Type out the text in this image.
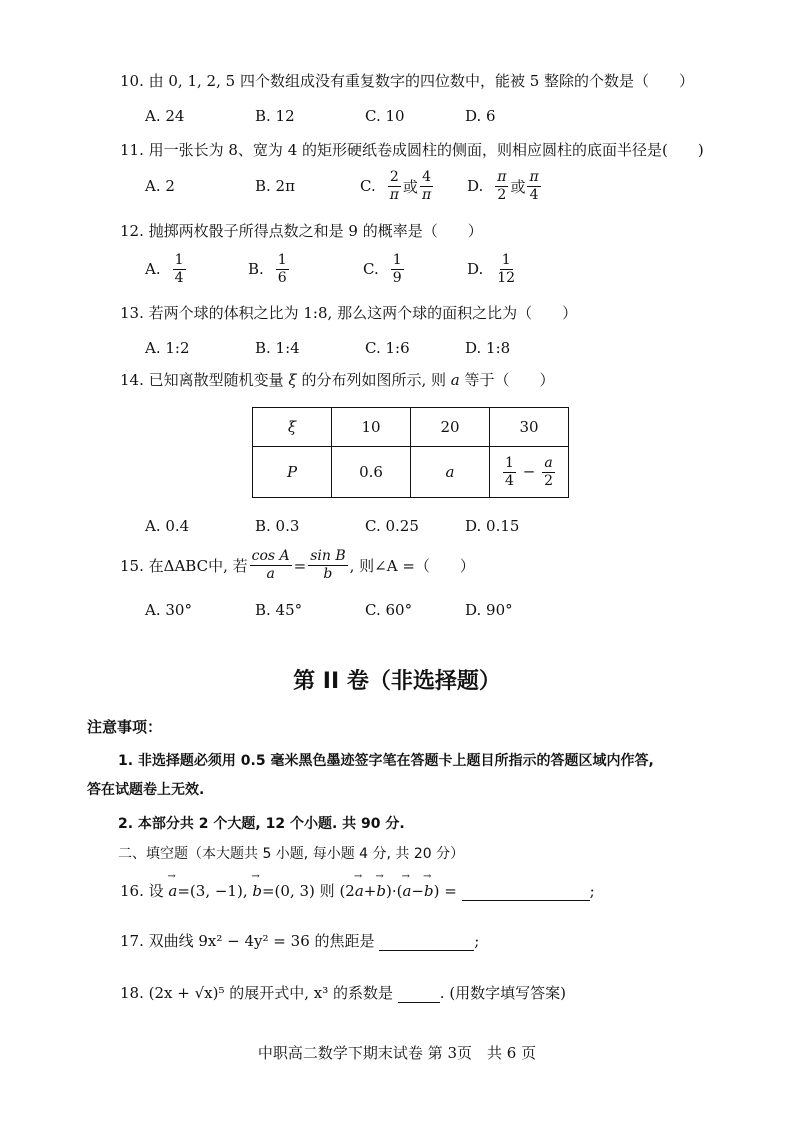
10. 由 0, 1, 2, 5 四个数组成没有重复数字的四位数中，能被 5 整除的个数是（　　）
A. 24	B. 12	C. 10	D. 6
11. 用一张长为 8、宽为 4 的矩形硬纸卷成圆柱的侧面，则相应圆柱的底面半径是(　　)
A. 2	B. 2π	C. $\frac{2}{\pi}$ 或 $\frac{4}{\pi} D$. $\frac{\pi}{2}$ 或 $\frac{\pi}{4}$
12. 抛掷两枚骰子所得点数之和是 9 的概率是（　　）
A. $\frac{1}{4}$	B. $\frac{1}{6}$	C. $\frac{1}{9}$	D. $\frac{1}{12}$
13. 若两个球的体积之比为 1:8, 那么这两个球的面积之比为（　　）
A. 1:2	B. 1:4	C. 1:6	D. 1:8
14. 已知离散型随机变量 ξ 的分布列如图所示, 则 a 等于（　　）
ξ	10	20	30
P	0.6	a	$\frac{1}{4} - \frac{a}{2}$
A. 0.4	B. 0.3	C. 0.25	D. 0.15
15. 在ΔABC中, 若 $\frac{\text{cos A}}{a} = \frac{\text{sin B}}{b}$ , 则∠A =（　　）
A. 30°	B. 45°	C. 60°	D. 90°
第 II 卷（非选择题）
注意事项：
1. 非选择题必须用 0.5 毫米黑色墨迹签字笔在答题卡上题目所指示的答题区域内作答,
答在试题卷上无效.
2. 本部分共 2 个大题, 12 个小题. 共 90 分.
二、填空题（本大题共 5 小题, 每小题 4 分, 共 20 分）
16. 设 → a=(3, −1), → b=(0, 3) 则 (2→ a+→ b)·(→ a−→ b) =	;
17. 双曲线 9x² − 4y² = 36 的焦距是	;
18. (2x + √x)⁵ 的展开式中, x³ 的系数是	. (用数字填写答案)
中职高二数学下期末试卷 第 3页　共 6 页
